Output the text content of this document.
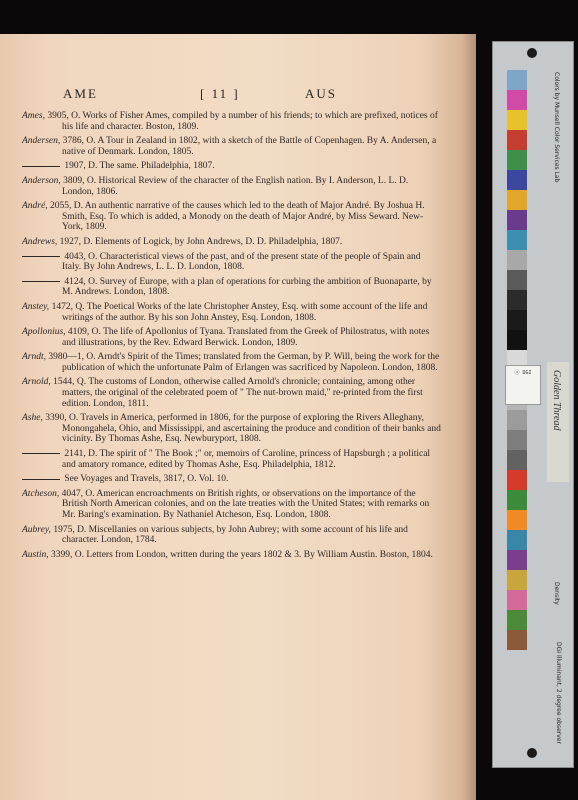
AME	[ 11 ]	AUS
Ames, 3905, O. Works of Fisher Ames, compiled by a number of his friends; to which are prefixed, notices of his life and character. Boston, 1809.
Andersen, 3786, O. A Tour in Zealand in 1802, with a sketch of the Battle of Copenhagen. By A. Andersen, a native of Denmark. London, 1805.
1907, D. The same. Philadelphia, 1807.
Anderson, 3809, O. Historical Review of the character of the English nation. By I. Anderson, L. L. D. London, 1806.
André, 2055, D. An authentic narrative of the causes which led to the death of Major André. By Joshua H. Smith, Esq. To which is added, a Monody on the death of Major André, by Miss Seward. New-York, 1809.
Andrews, 1927, D. Elements of Logick, by John Andrews, D. D. Philadelphia, 1807.
4043, O. Characteristical views of the past, and of the present state of the people of Spain and Italy. By John Andrews, L. L. D. London, 1808.
4124, O. Survey of Europe, with a plan of operations for curbing the ambition of Buonaparte, by M. Andrews. London, 1808.
Anstey, 1472, Q. The Poetical Works of the late Christopher Anstey, Esq. with some account of the life and writings of the author. By his son John Anstey, Esq. London, 1808.
Apollonius, 4109, O. The life of Apollonius of Tyana. Translated from the Greek of Philostratus, with notes and illustrations, by the Rev. Edward Berwick. London, 1809.
Arndt, 3980—1, O. Arndt's Spirit of the Times; translated from the German, by P. Will, being the work for the publication of which the unfortunate Palm of Erlangen was sacrificed by Napoleon. London, 1808.
Arnold, 1544, Q. The customs of London, otherwise called Arnold's chronicle; containing, among other matters, the original of the celebrated poem of " The nut-brown maid," re-printed from the first edition. London, 1811.
Ashe, 3390, O. Travels in America, performed in 1806, for the purpose of exploring the Rivers Alleghany, Monongahela, Ohio, and Mississippi, and ascertaining the produce and condition of their banks and vicinity. By Thomas Ashe, Esq. Newburyport, 1808.
2141, D. The spirit of " The Book ;" or, memoirs of Caroline, princess of Hapsburgh ; a political and amatory romance, edited by Thomas Ashe, Esq. Philadelphia, 1812.
See Voyages and Travels, 3817, O. Vol. 10.
Atcheson, 4047, O. American encroachments on British rights, or observations on the importance of the British North American colonies, and on the late treaties with the United States; with remarks on Mr. Baring's examination. By Nathaniel Atcheson, Esq. London, 1808.
Aubrey, 1975, D. Miscellanies on various subjects, by John Aubrey; with some account of his life and character. London, 1784.
Austin, 3399, O. Letters from London, written during the years 1802 & 3. By William Austin. Boston, 1804.
Colors by Munsell Color Services Lab
Golden Thread
Density
DGI Illuminant, 2 degree observer
ⓐ DGI
